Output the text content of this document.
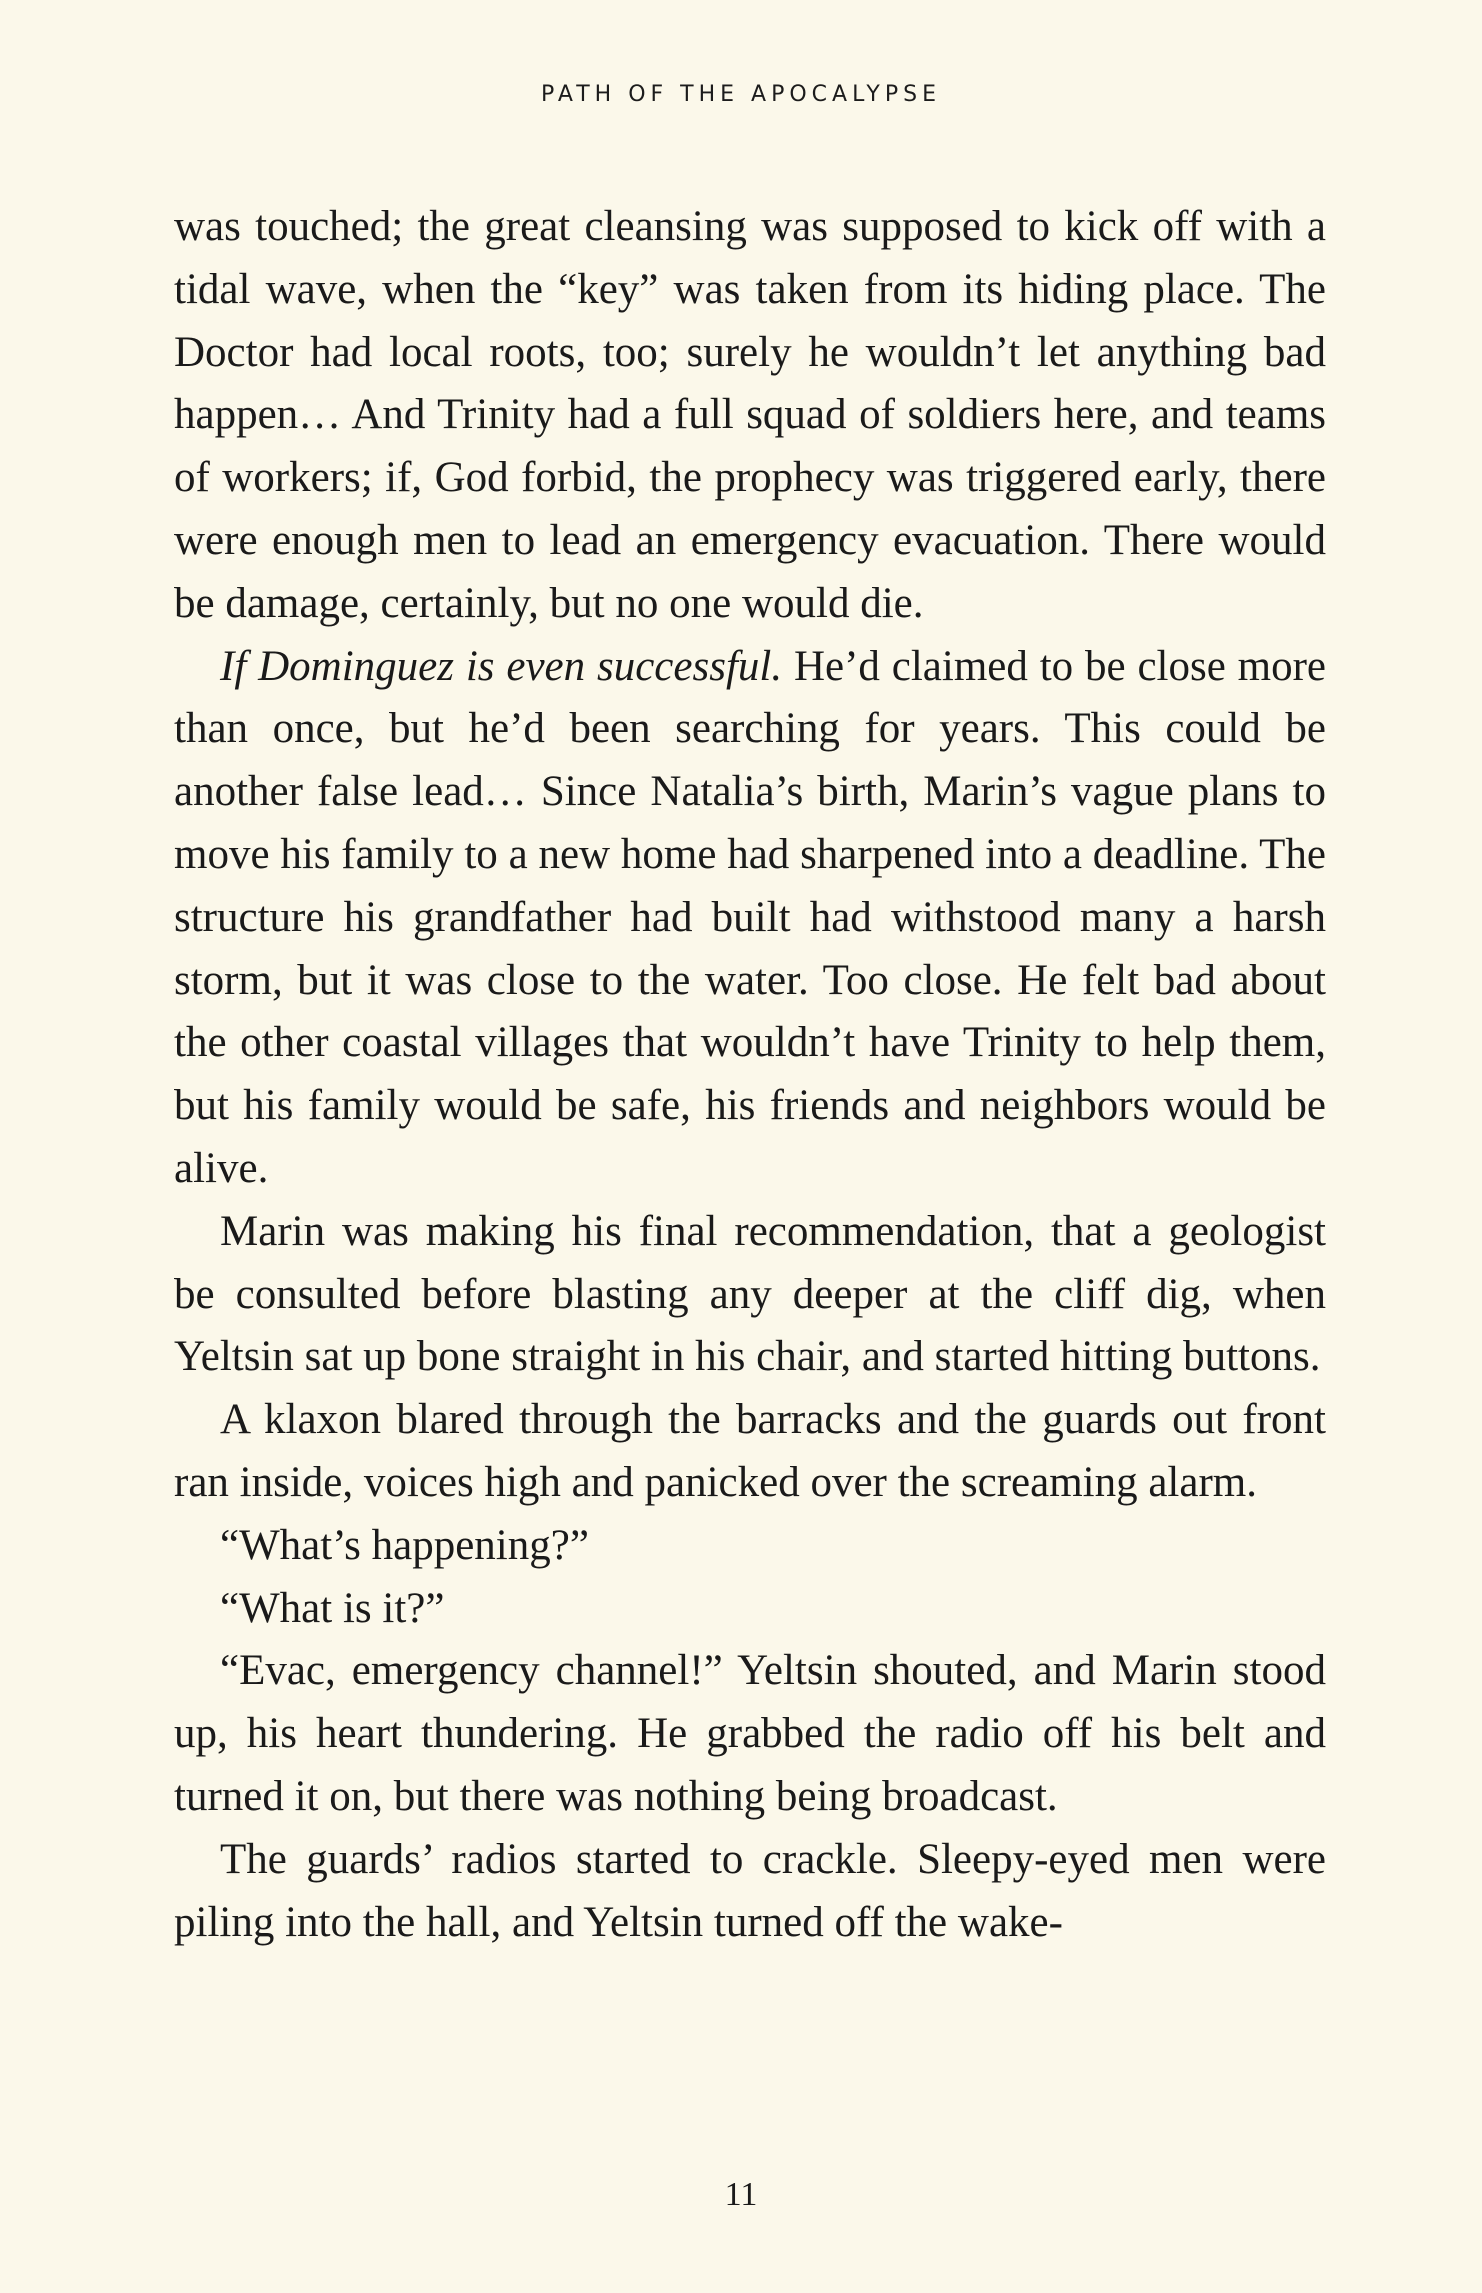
PATH OF THE APOCALYPSE

was touched; the great cleansing was supposed to kick off with a tidal wave, when the “key” was taken from its hiding place. The Doctor had local roots, too; surely he wouldn’t let anything bad happen… And Trinity had a full squad of soldiers here, and teams of workers; if, God forbid, the prophecy was triggered early, there were enough men to lead an emergency evacuation. There would be damage, certainly, but no one would die.

If Dominguez is even successful. He’d claimed to be close more than once, but he’d been searching for years. This could be another false lead… Since Natalia’s birth, Marin’s vague plans to move his family to a new home had sharpened into a deadline. The structure his grandfather had built had withstood many a harsh storm, but it was close to the water. Too close. He felt bad about the other coastal villages that wouldn’t have Trinity to help them, but his family would be safe, his friends and neighbors would be alive.

Marin was making his final recommendation, that a geologist be consulted before blasting any deeper at the cliff dig, when Yeltsin sat up bone straight in his chair, and started hitting buttons.

A klaxon blared through the barracks and the guards out front ran inside, voices high and panicked over the screaming alarm.

“What’s happening?”

“What is it?”

“Evac, emergency channel!” Yeltsin shouted, and Marin stood up, his heart thundering. He grabbed the radio off his belt and turned it on, but there was nothing being broadcast.

The guards’ radios started to crackle. Sleepy-eyed men were piling into the hall, and Yeltsin turned off the wake-

11
